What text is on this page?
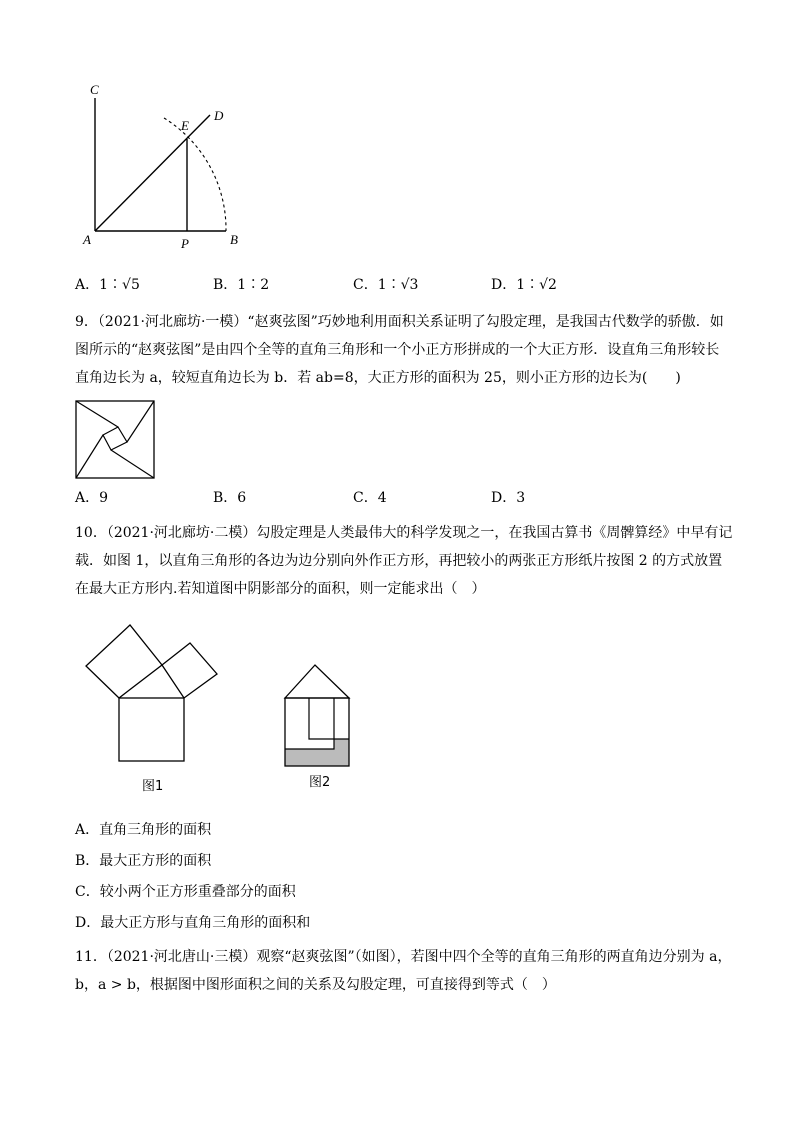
C
D
E
A	P	B
A．1∶√5	B．1∶2	C．1∶√3	D．1∶√2
9．（2021·河北廊坊·一模）“赵爽弦图”巧妙地利用面积关系证明了勾股定理，是我国古代数学的骄傲．如
图所示的“赵爽弦图”是由四个全等的直角三角形和一个小正方形拼成的一个大正方形．设直角三角形较长
直角边长为 a，较短直角边长为 b．若 ab=8，大正方形的面积为 25，则小正方形的边长为(　　)
A．9	B．6	C．4	D．3
10．（2021·河北廊坊·二模）勾股定理是人类最伟大的科学发现之一，在我国古算书《周髀算经》中早有记
载．如图 1，以直角三角形的各边为边分别向外作正方形，再把较小的两张正方形纸片按图 2 的方式放置
在最大正方形内.若知道图中阴影部分的面积，则一定能求出（　）
图1	图2
A．直角三角形的面积
B．最大正方形的面积
C．较小两个正方形重叠部分的面积
D．最大正方形与直角三角形的面积和
11．（2021·河北唐山·三模）观察“赵爽弦图”（如图），若图中四个全等的直角三角形的两直角边分别为 a，
b，a > b，根据图中图形面积之间的关系及勾股定理，可直接得到等式（　）
